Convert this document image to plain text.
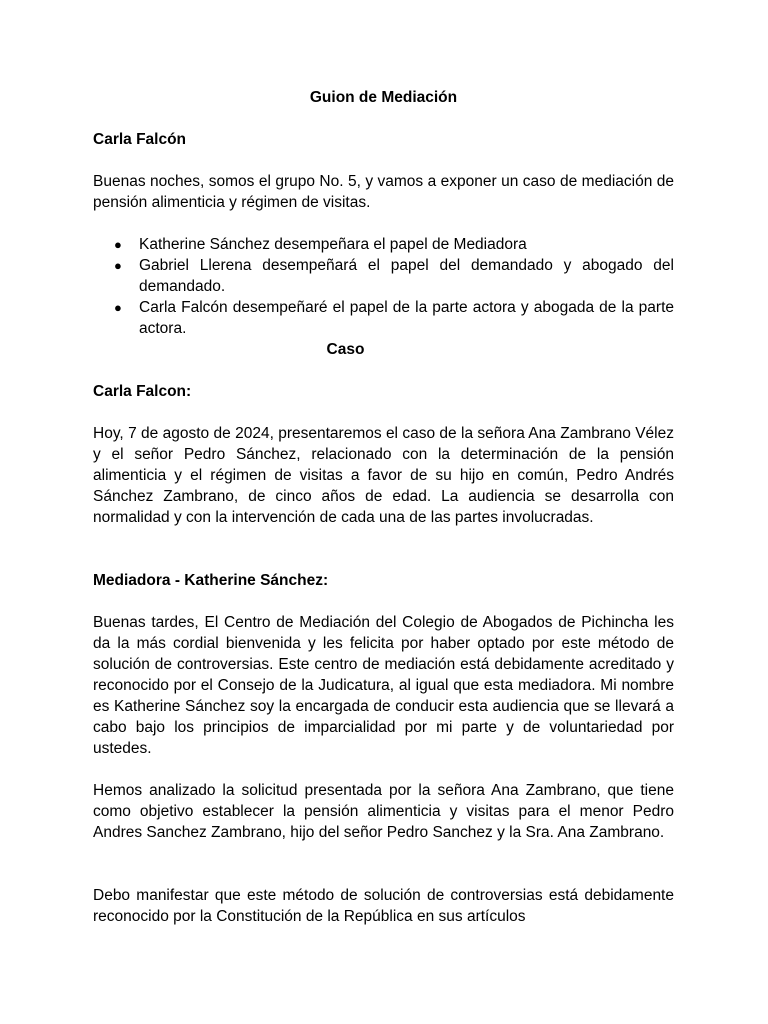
Guion de Mediación
Carla Falcón

Buenas noches, somos el grupo No. 5, y vamos a exponer un caso de mediación de pensión alimenticia y régimen de visitas.

● Katherine Sánchez desempeñara el papel de Mediadora
● Gabriel Llerena desempeñará el papel del demandado y abogado del demandado.
● Carla Falcón desempeñaré el papel de la parte actora y abogada de la parte actora.
Caso
Carla Falcon:

Hoy, 7 de agosto de 2024, presentaremos el caso de la señora Ana Zambrano Vélez y el señor Pedro Sánchez, relacionado con la determinación de la pensión alimenticia y el régimen de visitas a favor de su hijo en común, Pedro Andrés Sánchez Zambrano, de cinco años de edad. La audiencia se desarrolla con normalidad y con la intervención de cada una de las partes involucradas.

Mediadora - Katherine Sánchez:

Buenas tardes, El Centro de Mediación del Colegio de Abogados de Pichincha les da la más cordial bienvenida y les felicita por haber optado por este método de solución de controversias. Este centro de mediación está debidamente acreditado y reconocido por el Consejo de la Judicatura, al igual que esta mediadora. Mi nombre es Katherine Sánchez soy la encargada de conducir esta audiencia que se llevará a cabo bajo los principios de imparcialidad por mi parte y de voluntariedad por ustedes.

Hemos analizado la solicitud presentada por la señora Ana Zambrano, que tiene como objetivo establecer la pensión alimenticia y visitas para el menor Pedro Andres Sanchez Zambrano, hijo del señor Pedro Sanchez y la Sra. Ana Zambrano.

Debo manifestar que este método de solución de controversias está debidamente reconocido por la Constitución de la República en sus artículos
